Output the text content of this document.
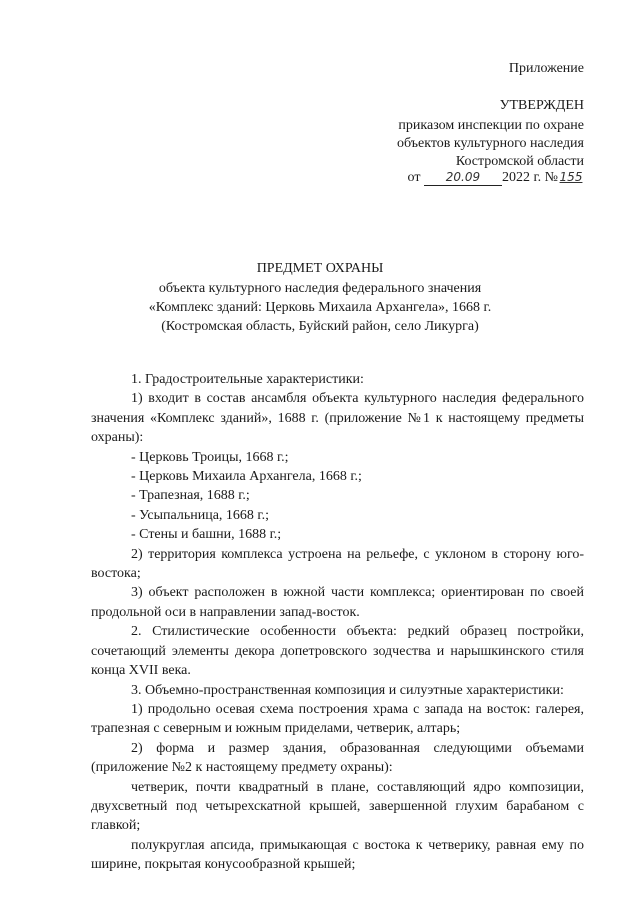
Приложение
УТВЕРЖДЕН
приказом инспекции по охране
объектов культурного наследия
Костромской области
от 20.09 2022 г. № 155
ПРЕДМЕТ ОХРАНЫ
объекта культурного наследия федерального значения
«Комплекс зданий: Церковь Михаила Архангела», 1668 г.
(Костромская область, Буйский район, село Ликурга)

1. Градостроительные характеристики:

1) входит в состав ансамбля объекта культурного наследия федерального значения «Комплекс зданий», 1688 г. (приложение №1 к настоящему предметы охраны):

- Церковь Троицы, 1668 г.;

- Церковь Михаила Архангела, 1668 г.;

- Трапезная, 1688 г.;

- Усыпальница, 1668 г.;

- Стены и башни, 1688 г.;

2) территория комплекса устроена на рельефе, с уклоном в сторону юго-востока;

3) объект расположен в южной части комплекса; ориентирован по своей продольной оси в направлении запад-восток.

2. Стилистические особенности объекта: редкий образец постройки, сочетающий элементы декора допетровского зодчества и нарышкинского стиля конца XVII века.

3. Объемно-пространственная композиция и силуэтные характеристики:

1) продольно осевая схема построения храма с запада на восток: галерея, трапезная с северным и южным приделами, четверик, алтарь;

2) форма и размер здания, образованная следующими объемами (приложение №2 к настоящему предмету охраны):

четверик, почти квадратный в плане, составляющий ядро композиции, двухсветный под четырехскатной крышей, завершенной глухим барабаном с главкой;

полукруглая апсида, примыкающая с востока к четверику, равная ему по ширине, покрытая конусообразной крышей;
